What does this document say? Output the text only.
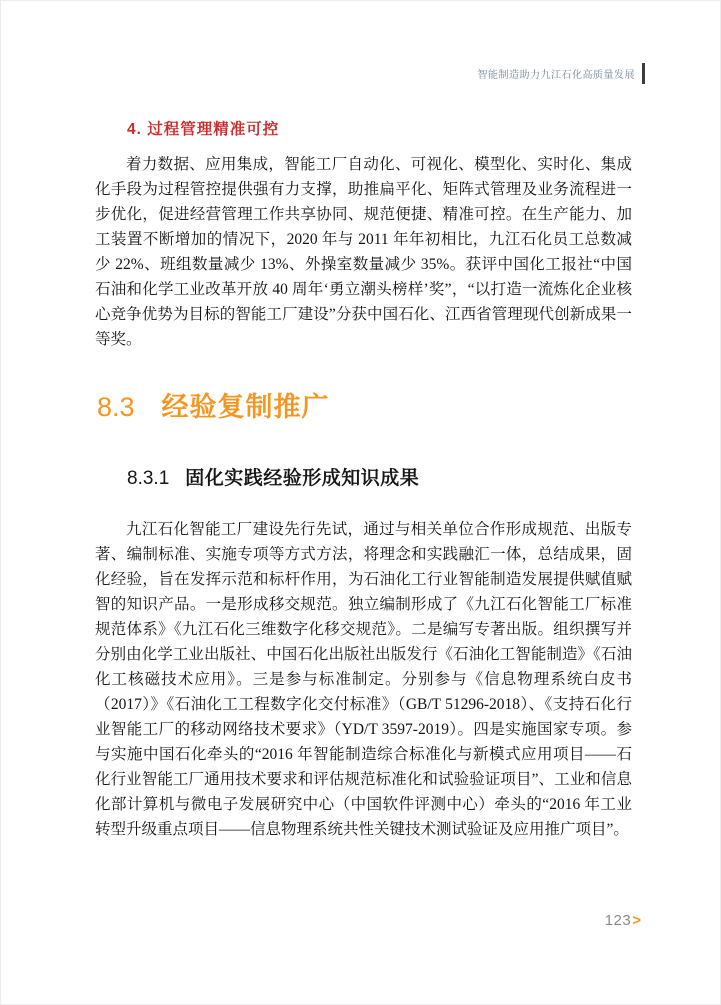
智能制造助力九江石化高质量发展
4. 过程管理精准可控
着力数据、应用集成，智能工厂自动化、可视化、模型化、实时化、集成化手段为过程管控提供强有力支撑，助推扁平化、矩阵式管理及业务流程进一步优化，促进经营管理工作共享协同、规范便捷、精准可控。在生产能力、加工装置不断增加的情况下，2020 年与 2011 年年初相比，九江石化员工总数减少 22%、班组数量减少 13%、外操室数量减少 35%。获评中国化工报社“中国石油和化学工业改革开放 40 周年‘勇立潮头榜样’奖”，“以打造一流炼化企业核心竞争优势为目标的智能工厂建设”分获中国石化、江西省管理现代创新成果一等奖。
8.3 经验复制推广
8.3.1 固化实践经验形成知识成果
九江石化智能工厂建设先行先试，通过与相关单位合作形成规范、出版专著、编制标准、实施专项等方式方法，将理念和实践融汇一体，总结成果，固化经验，旨在发挥示范和标杆作用，为石油化工行业智能制造发展提供赋值赋智的知识产品。一是形成移交规范。独立编制形成了《九江石化智能工厂标准规范体系》《九江石化三维数字化移交规范》。二是编写专著出版。组织撰写并分别由化学工业出版社、中国石化出版社出版发行《石油化工智能制造》《石油化工核磁技术应用》。三是参与标准制定。分别参与《信息物理系统白皮书（2017）》《石油化工工程数字化交付标准》（GB/T 51296-2018）、《支持石化行业智能工厂的移动网络技术要求》（YD/T 3597-2019）。四是实施国家专项。参与实施中国石化牵头的“2016 年智能制造综合标准化与新模式应用项目——石化行业智能工厂通用技术要求和评估规范标准化和试验验证项目”、工业和信息化部计算机与微电子发展研究中心（中国软件评测中心）牵头的“2016 年工业转型升级重点项目——信息物理系统共性关键技术测试验证及应用推广项目”。
123 >
